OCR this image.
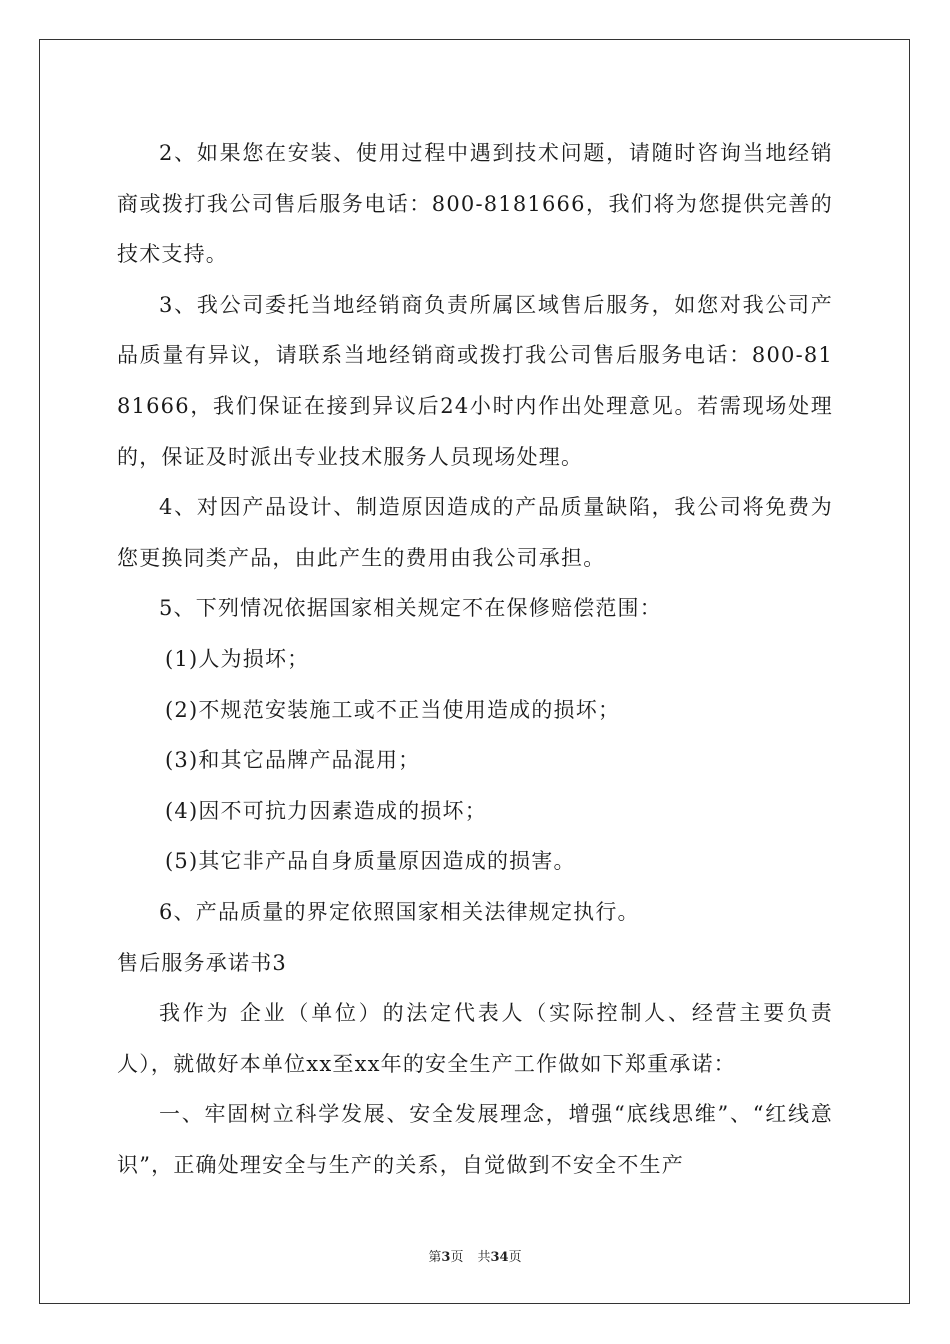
2、如果您在安装、使用过程中遇到技术问题，请随时咨询当地经销商或拨打我公司售后服务电话：800-8181666，我们将为您提供完善的技术支持。

3、我公司委托当地经销商负责所属区域售后服务，如您对我公司产品质量有异议，请联系当地经销商或拨打我公司售后服务电话：800-8181666，我们保证在接到异议后24小时内作出处理意见。若需现场处理的，保证及时派出专业技术服务人员现场处理。

4、对因产品设计、制造原因造成的产品质量缺陷，我公司将免费为您更换同类产品，由此产生的费用由我公司承担。

5、下列情况依据国家相关规定不在保修赔偿范围：

(1)人为损坏；

(2)不规范安装施工或不正当使用造成的损坏；

(3)和其它品牌产品混用；

(4)因不可抗力因素造成的损坏；

(5)其它非产品自身质量原因造成的损害。

6、产品质量的界定依照国家相关法律规定执行。

售后服务承诺书3

我作为 企业（单位）的法定代表人（实际控制人、经营主要负责人），就做好本单位xx至xx年的安全生产工作做如下郑重承诺：

一、牢固树立科学发展、安全发展理念，增强“底线思维”、“红线意识”，正确处理安全与生产的关系，自觉做到不安全不生产

第3页 共34页
